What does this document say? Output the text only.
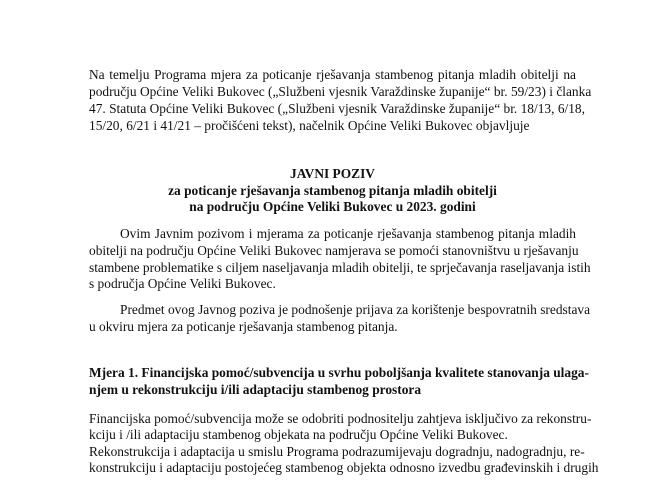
Na temelju Programa mjera za poticanje rješavanja stambenog pitanja mladih obitelji na
području Općine Veliki Bukovec („Službeni vjesnik Varaždinske županije“ br. 59/23) i članka
47. Statuta Općine Veliki Bukovec („Službeni vjesnik Varaždinske županije“ br. 18/13, 6/18,
15/20, 6/21 i 41/21 – pročišćeni tekst), načelnik Općine Veliki Bukovec objavljuje
JAVNI POZIV
za poticanje rješavanja stambenog pitanja mladih obitelji
na području Općine Veliki Bukovec u 2023. godini
Ovim Javnim pozivom i mjerama za poticanje rješavanja stambenog pitanja mladih
obitelji na području Općine Veliki Bukovec namjerava se pomoći stanovništvu u rješavanju
stambene problematike s ciljem naseljavanja mladih obitelji, te sprječavanja raseljavanja istih
s područja Općine Veliki Bukovec.
Predmet ovog Javnog poziva je podnošenje prijava za korištenje bespovratnih sredstava
u okviru mjera za poticanje rješavanja stambenog pitanja.
Mjera 1. Financijska pomoć/subvencija u svrhu poboljšanja kvalitete stanovanja ulaga-
njem u rekonstrukciju i/ili adaptaciju stambenog prostora
Financijska pomoć/subvencija može se odobriti podnositelju zahtjeva isključivo za rekonstru-
kciju i /ili adaptaciju stambenog objekata na području Općine Veliki Bukovec.
Rekonstrukcija i adaptacija u smislu Programa podrazumijevaju dogradnju, nadogradnju, re-
konstrukciju i adaptaciju postojećeg stambenog objekta odnosno izvedbu građevinskih i drugih
